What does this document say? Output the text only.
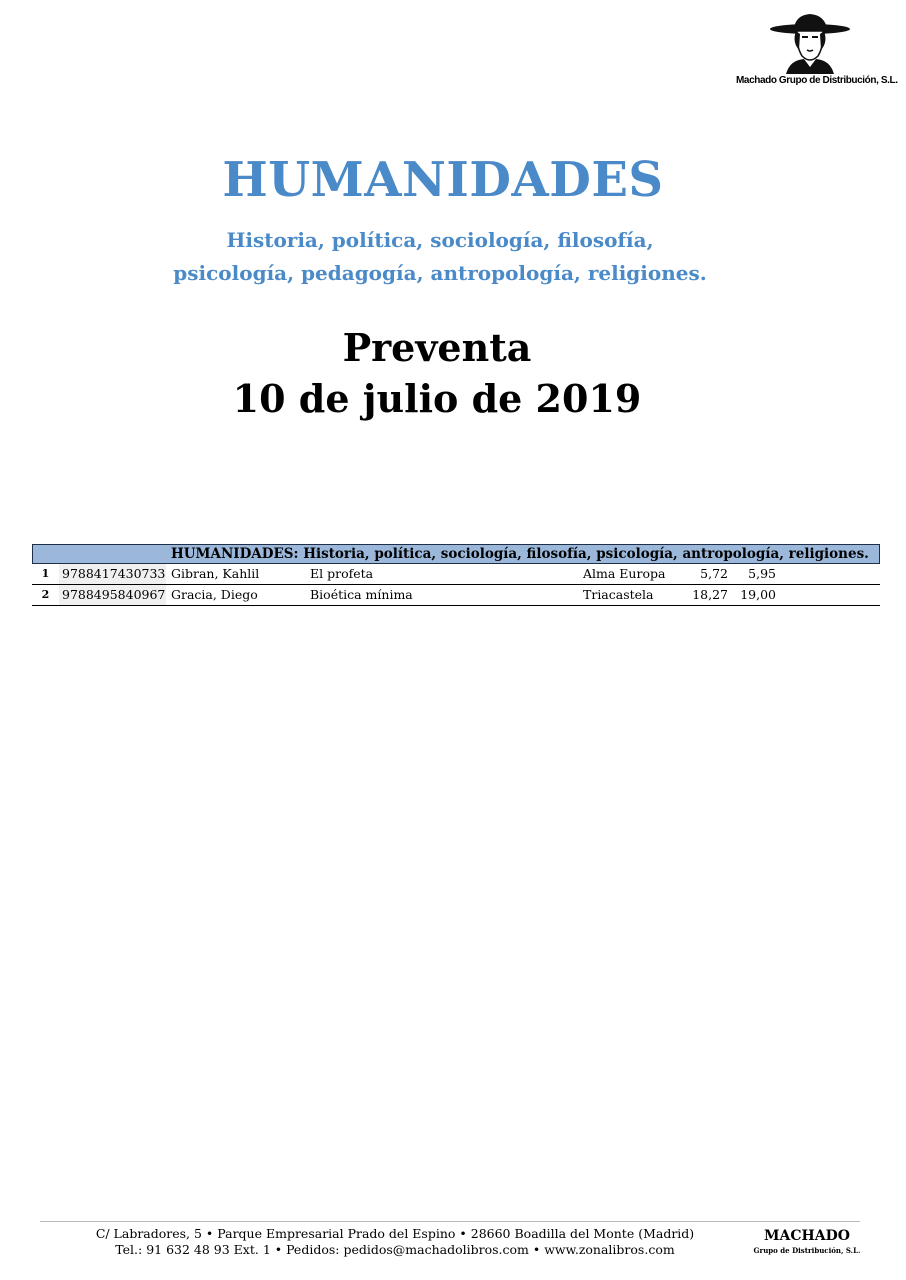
Machado Grupo de Distribución, S.L.
HUMANIDADES
Historia, política, sociología, filosofía,
psicología, pedagogía, antropología, religiones.
Preventa
10 de julio de 2019
HUMANIDADES: Historia, política, sociología, filosofía, psicología, antropología, religiones.
1	9788417430733 Gibran, Kahlil	El profeta	Alma Europa	5,72	5,95
2	9788495840967 Gracia, Diego	Bioética mínima	Triacastela	18,27 19,00
C/ Labradores, 5 • Parque Empresarial Prado del Espino • 28660 Boadilla del Monte (Madrid)
Tel.: 91 632 48 93 Ext. 1 • Pedidos: pedidos@machadolibros.com • www.zonalibros.com
MACHADO
Grupo de Distribución, S.L.
